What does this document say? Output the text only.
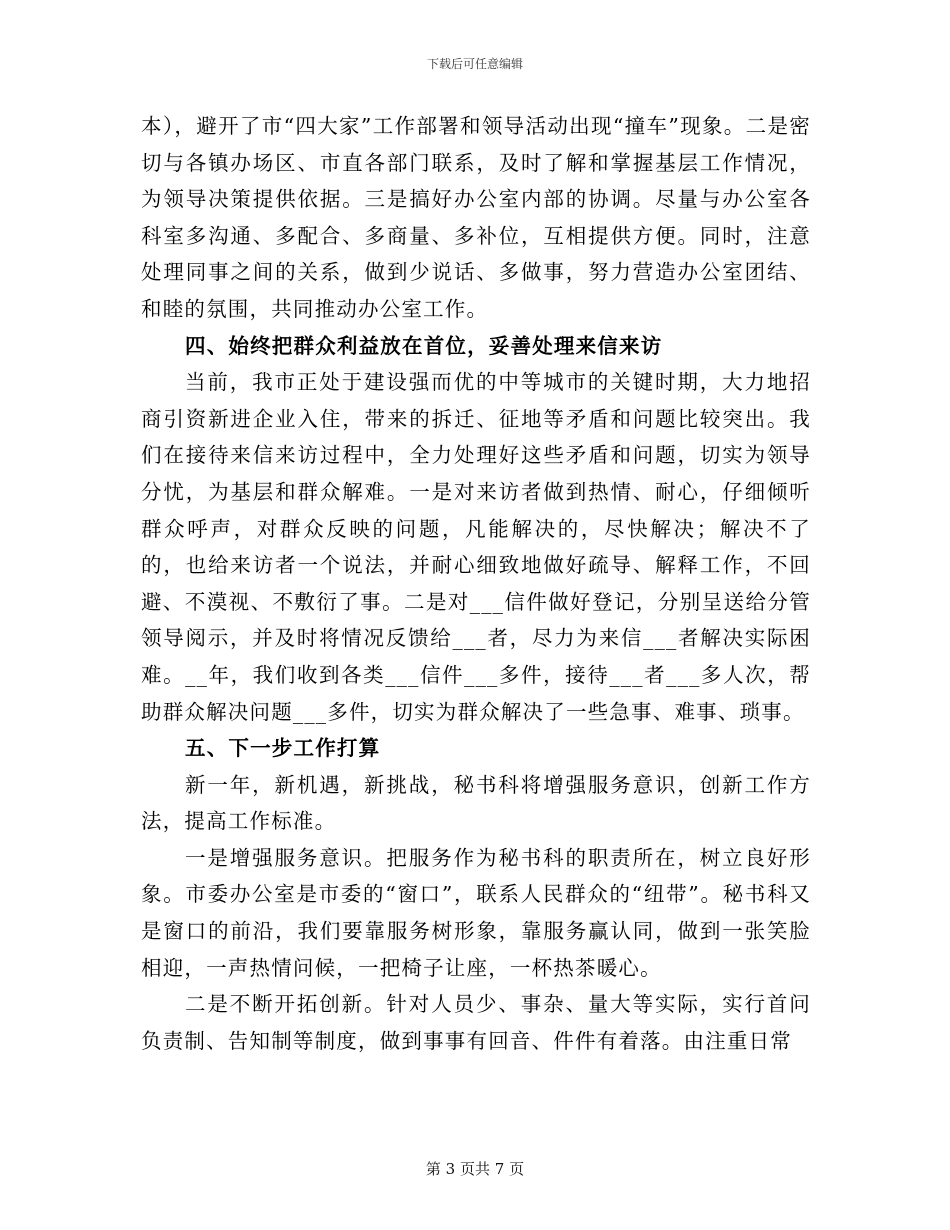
下载后可任意编辑

本），避开了市“四大家”工作部署和领导活动出现“撞车”现象。二是密切与各镇办场区、市直各部门联系，及时了解和掌握基层工作情况，为领导决策提供依据。三是搞好办公室内部的协调。尽量与办公室各科室多沟通、多配合、多商量、多补位，互相提供方便。同时，注意处理同事之间的关系，做到少说话、多做事，努力营造办公室团结、和睦的氛围，共同推动办公室工作。

四、始终把群众利益放在首位，妥善处理来信来访

当前，我市正处于建设强而优的中等城市的关键时期，大力地招商引资新进企业入住，带来的拆迁、征地等矛盾和问题比较突出。我们在接待来信来访过程中，全力处理好这些矛盾和问题，切实为领导分忧，为基层和群众解难。一是对来访者做到热情、耐心，仔细倾听群众呼声，对群众反映的问题，凡能解决的，尽快解决；解决不了的，也给来访者一个说法，并耐心细致地做好疏导、解释工作，不回避、不漠视、不敷衍了事。二是对___信件做好登记，分别呈送给分管领导阅示，并及时将情况反馈给___者，尽力为来信___者解决实际困难。__年，我们收到各类___信件___多件，接待___者___多人次，帮助群众解决问题___多件，切实为群众解决了一些急事、难事、琐事。

五、下一步工作打算

新一年，新机遇，新挑战，秘书科将增强服务意识，创新工作方法，提高工作标准。

一是增强服务意识。把服务作为秘书科的职责所在，树立良好形象。市委办公室是市委的“窗口”，联系人民群众的“纽带”。秘书科又是窗口的前沿，我们要靠服务树形象，靠服务赢认同，做到一张笑脸相迎，一声热情问候，一把椅子让座，一杯热茶暖心。

二是不断开拓创新。针对人员少、事杂、量大等实际，实行首问负责制、告知制等制度，做到事事有回音、件件有着落。由注重日常

第 3 页共 7 页
